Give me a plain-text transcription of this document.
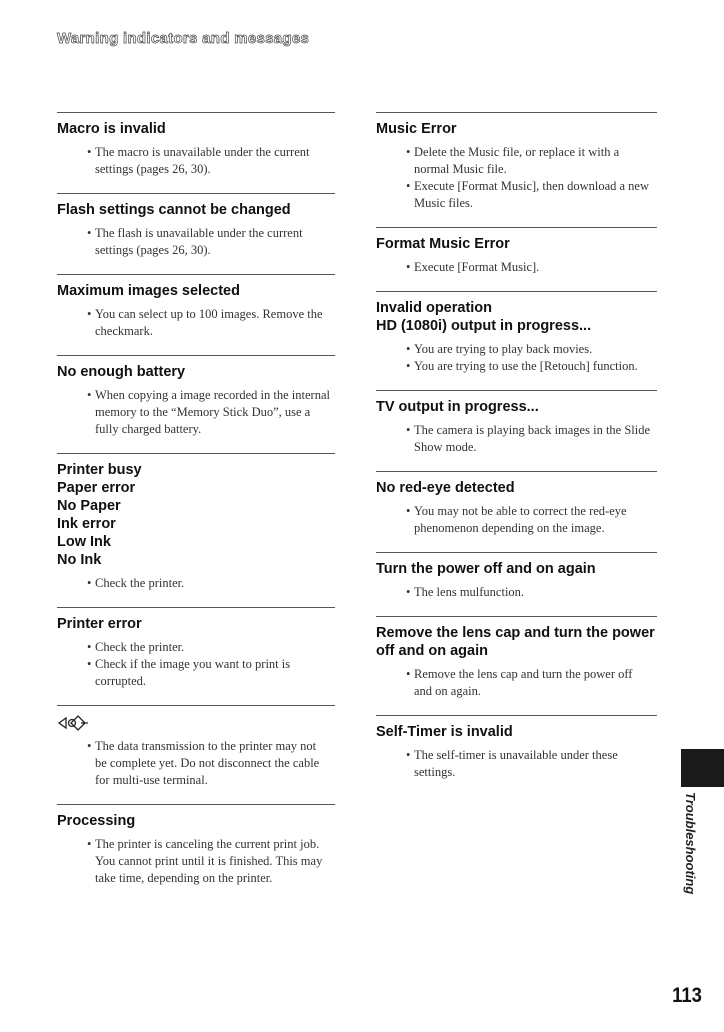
Warning indicators and messages
Macro is invalid
• The macro is unavailable under the current settings (pages 26, 30).
Flash settings cannot be changed
• The flash is unavailable under the current settings (pages 26, 30).
Maximum images selected
• You can select up to 100 images. Remove the checkmark.
No enough battery
• When copying a image recorded in the internal memory to the “Memory Stick Duo”, use a fully charged battery.
Printer busy
Paper error
No Paper
Ink error
Low Ink
No Ink
• Check the printer.
Printer error
• Check the printer.
• Check if the image you want to print is corrupted.
• The data transmission to the printer may not be complete yet. Do not disconnect the cable for multi-use terminal.
Processing
• The printer is canceling the current print job. You cannot print until it is finished. This may take time, depending on the printer.
Music Error
• Delete the Music file, or replace it with a normal Music file.
• Execute [Format Music], then download a new Music files.
Format Music Error
• Execute [Format Music].
Invalid operation
HD (1080i) output in progress...
• You are trying to play back movies.
• You are trying to use the [Retouch] function.
TV output in progress...
• The camera is playing back images in the Slide Show mode.
No red-eye detected
• You may not be able to correct the red-eye phenomenon depending on the image.
Turn the power off and on again
• The lens mulfunction.
Remove the lens cap and turn the power off and on again
• Remove the lens cap and turn the power off and on again.
Self-Timer is invalid
• The self-timer is unavailable under these settings.
Troubleshooting
113
